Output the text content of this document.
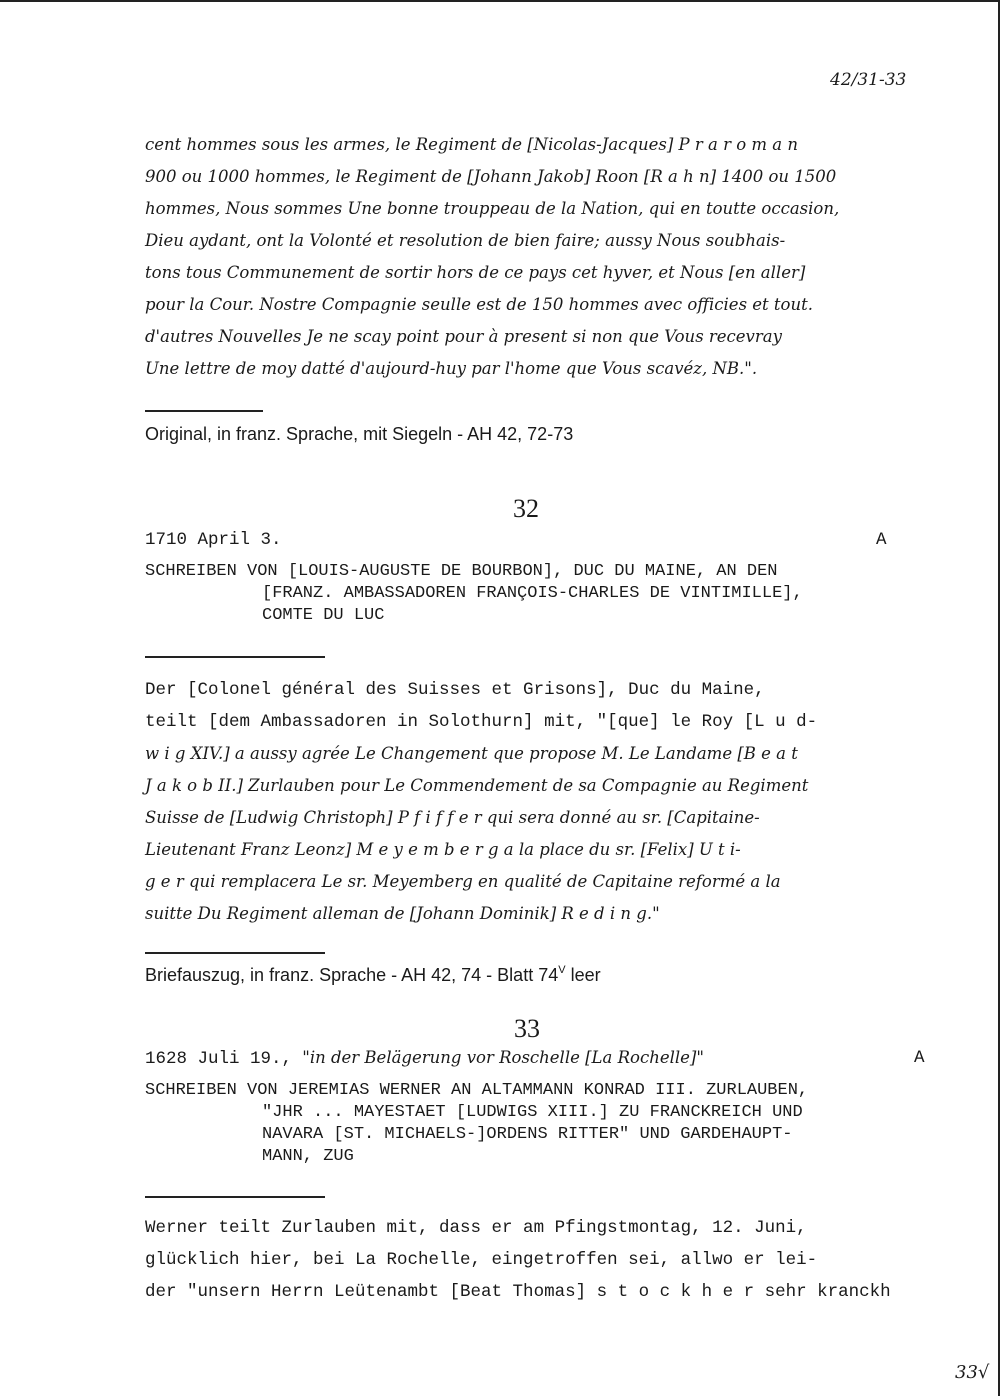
42/31-33
cent hommes sous les armes, le Regiment de [Nicolas-Jacques] P r a r o m a n
900 ou 1000 hommes, le Regiment de [Johann Jakob] Roon [R a h n] 1400 ou 1500
hommes, Nous sommes Une bonne trouppeau de la Nation, qui en toutte occasion,
Dieu aydant, ont la Volonté et resolution de bien faire; aussy Nous soubhais-
tons tous Communement de sortir hors de ce pays cet hyver, et Nous [en aller]
pour la Cour. Nostre Compagnie seulle est de 150 hommes avec officies et tout.
d'autres Nouvelles Je ne scay point pour à present si non que Vous recevray
Une lettre de moy datté d'aujourd-huy par l'home que Vous scavéz, NB.".
Original, in franz. Sprache, mit Siegeln - AH 42, 72-73
32
1710 April 3.	A
SCHREIBEN VON [LOUIS-AUGUSTE DE BOURBON], DUC DU MAINE, AN DEN
[FRANZ. AMBASSADOREN FRANÇOIS-CHARLES DE VINTIMILLE],
COMTE DU LUC
Der [Colonel général des Suisses et Grisons], Duc du Maine,
teilt [dem Ambassadoren in Solothurn] mit, "[que] le Roy [L u d-
w i g XIV.] a aussy agrée Le Changement que propose M. Le Landame [B e a t
J a k o b II.] Zurlauben pour Le Commendement de sa Compagnie au Regiment
Suisse de [Ludwig Christoph] P f i f f e r qui sera donné au sr. [Capitaine-
Lieutenant Franz Leonz] M e y e m b e r g a la place du sr. [Felix] U t i-
g e r qui remplacera Le sr. Meyemberg en qualité de Capitaine reformé a la
suitte Du Regiment alleman de [Johann Dominik] R e d i n g."
Briefauszug, in franz. Sprache - AH 42, 74 - Blatt $74^V$ leer
33
1628 Juli 19., "in der Belägerung vor Roschelle [La Rochelle]"	A
SCHREIBEN VON JEREMIAS WERNER AN ALTAMMANN KONRAD III. ZURLAUBEN,
"JHR ... MAYESTAET [LUDWIGS XIII.] ZU FRANCKREICH UND
NAVARA [ST. MICHAELS-]ORDENS RITTER" UND GARDEHAUPT-
MANN, ZUG
Werner teilt Zurlauben mit, dass er am Pfingstmontag, 12. Juni,
glücklich hier, bei La Rochelle, eingetroffen sei, allwo er lei-
der "unsern Herrn Leütenambt [Beat Thomas] s t o c k h e r sehr kranckh
33√
